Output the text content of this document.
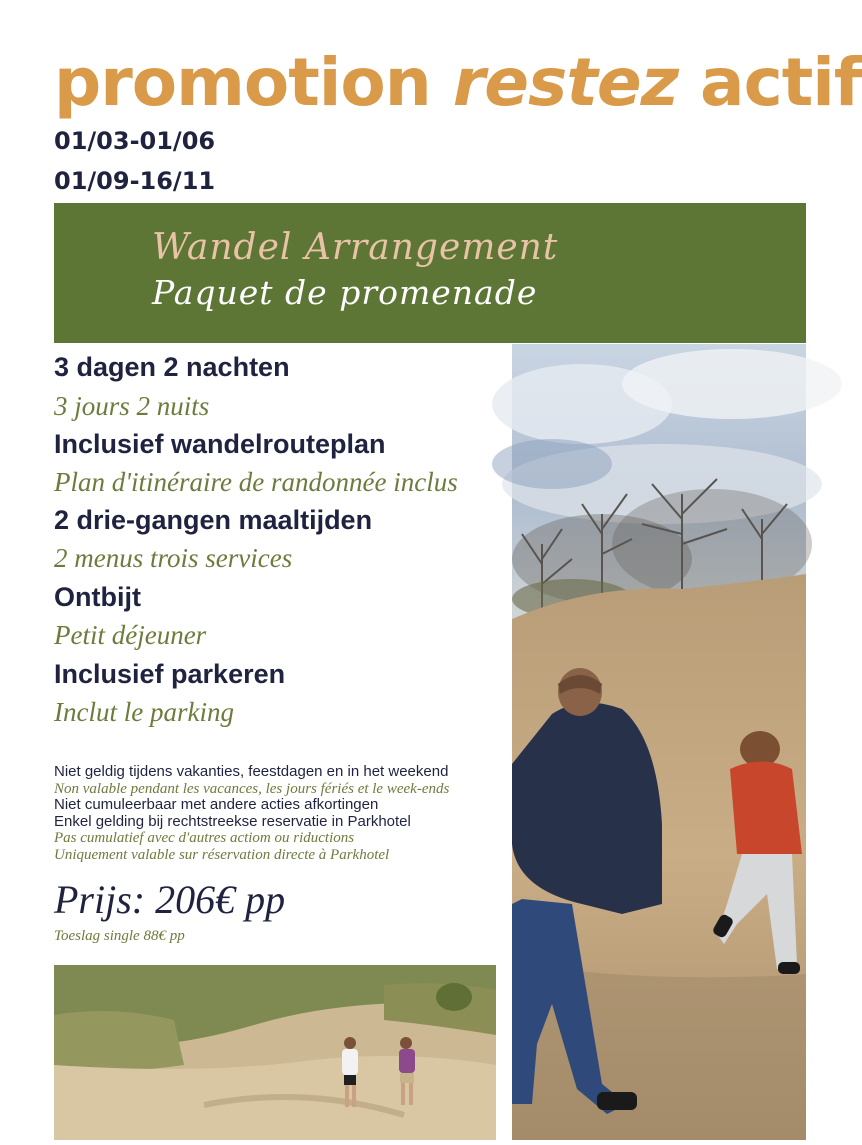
promotion restez actif
01/03-01/06
01/09-16/11
Wandel Arrangement
Paquet de promenade
3 dagen 2 nachten
3 jours 2 nuits
Inclusief wandelrouteplan
Plan d'itinéraire de randonnée inclus
2 drie-gangen maaltijden
2 menus trois services
Ontbijt
Petit déjeuner
Inclusief parkeren
Inclut le parking
Niet geldig tijdens vakanties, feestdagen en in het weekend
Non valable pendant les vacances, les jours fériés et le week-ends
Niet cumuleerbaar met andere acties afkortingen
Enkel gelding bij rechtstreekse reservatie in Parkhotel
Pas cumulatief avec d'autres actiom ou riductions
Uniquement valable sur réservation directe à Parkhotel
Prijs: 206€ pp
Toeslag single 88€ pp
